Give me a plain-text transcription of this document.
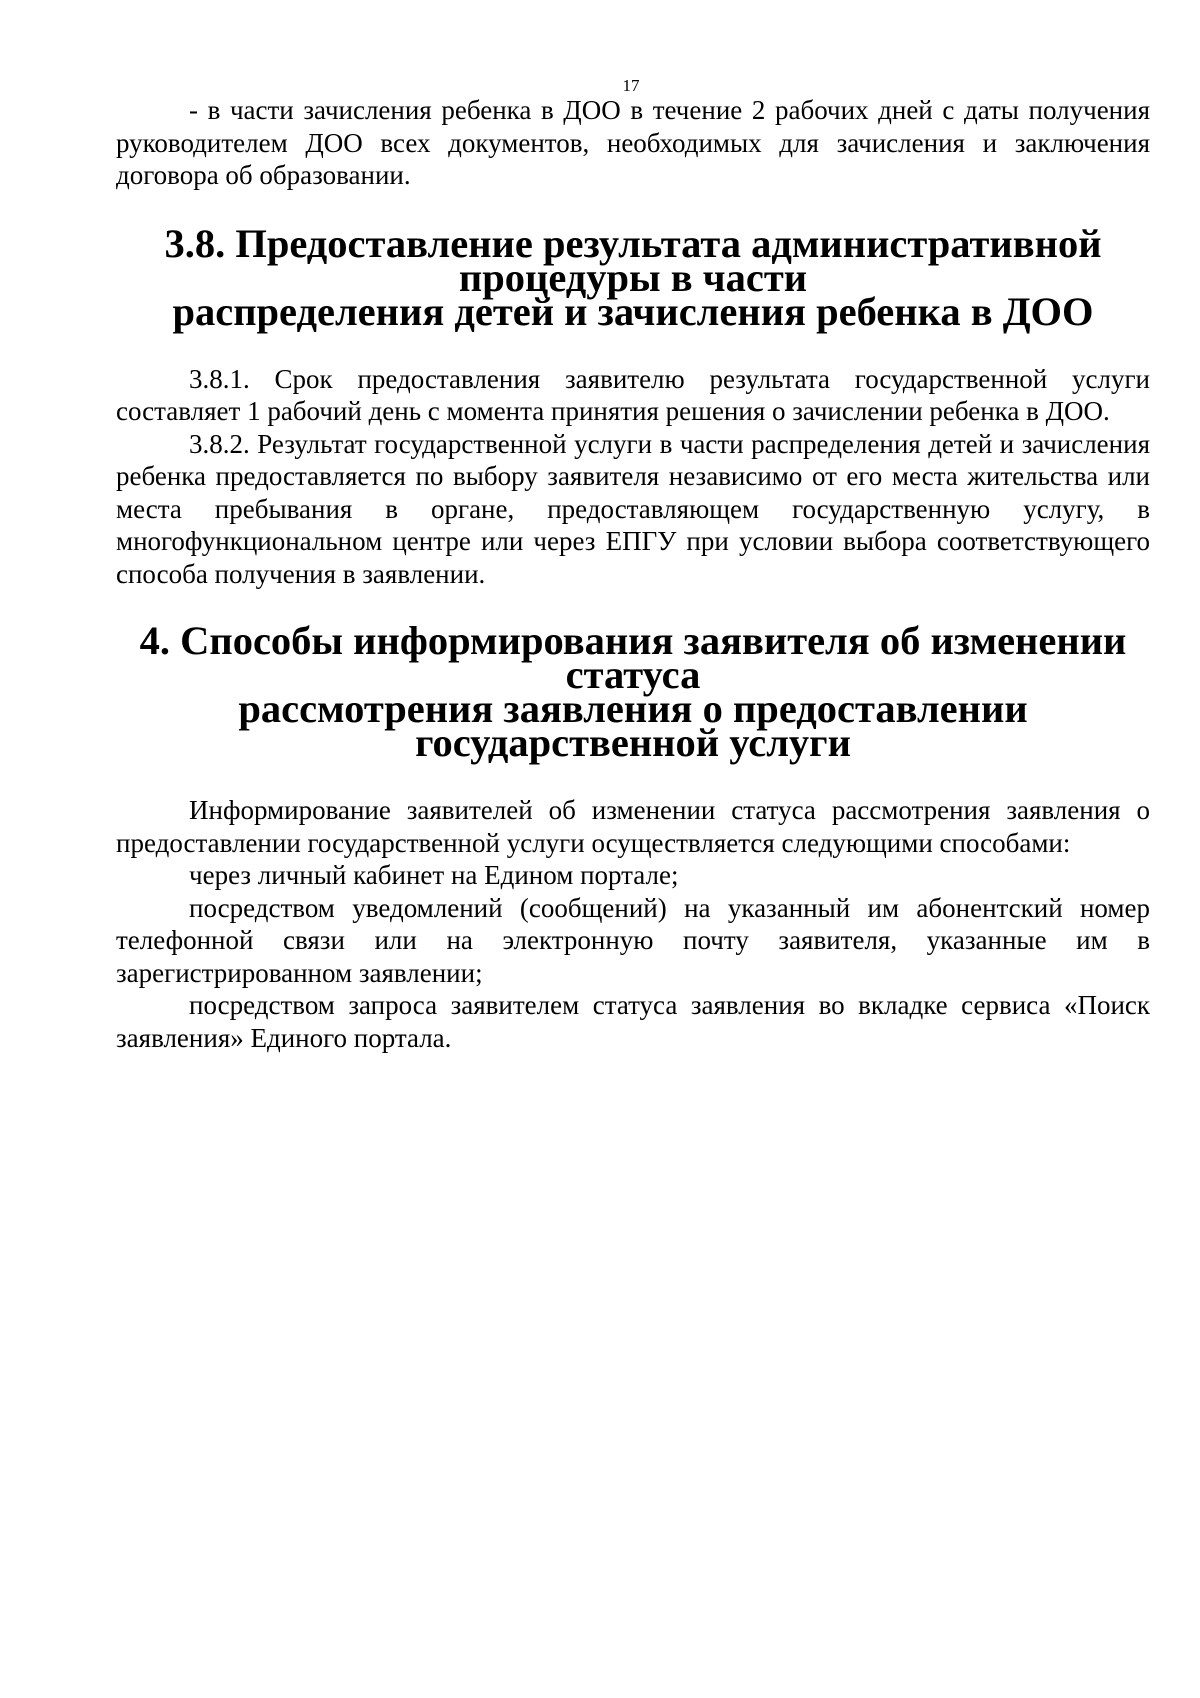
17

- в части зачисления ребенка в ДОО в течение 2 рабочих дней с даты получения руководителем ДОО всех документов, необходимых для зачисления и заключения договора об образовании.

3.8. Предоставление результата административной процедуры в части
распределения детей и зачисления ребенка в ДОО

3.8.1. Срок предоставления заявителю результата государственной услуги составляет 1 рабочий день с момента принятия решения о зачислении ребенка в ДОО.

3.8.2. Результат государственной услуги в части распределения детей и зачисления ребенка предоставляется по выбору заявителя независимо от его места жительства или места пребывания в органе, предоставляющем государственную услугу, в многофункциональном центре или через ЕПГУ при условии выбора соответствующего способа получения в заявлении.

4. Способы информирования заявителя об изменении статуса
рассмотрения заявления о предоставлении государственной услуги

Информирование заявителей об изменении статуса рассмотрения заявления о предоставлении государственной услуги осуществляется следующими способами:

через личный кабинет на Едином портале;

посредством уведомлений (сообщений) на указанный им абонентский номер телефонной связи или на электронную почту заявителя, указанные им в зарегистрированном заявлении;

посредством запроса заявителем статуса заявления во вкладке сервиса «Поиск заявления» Единого портала.
